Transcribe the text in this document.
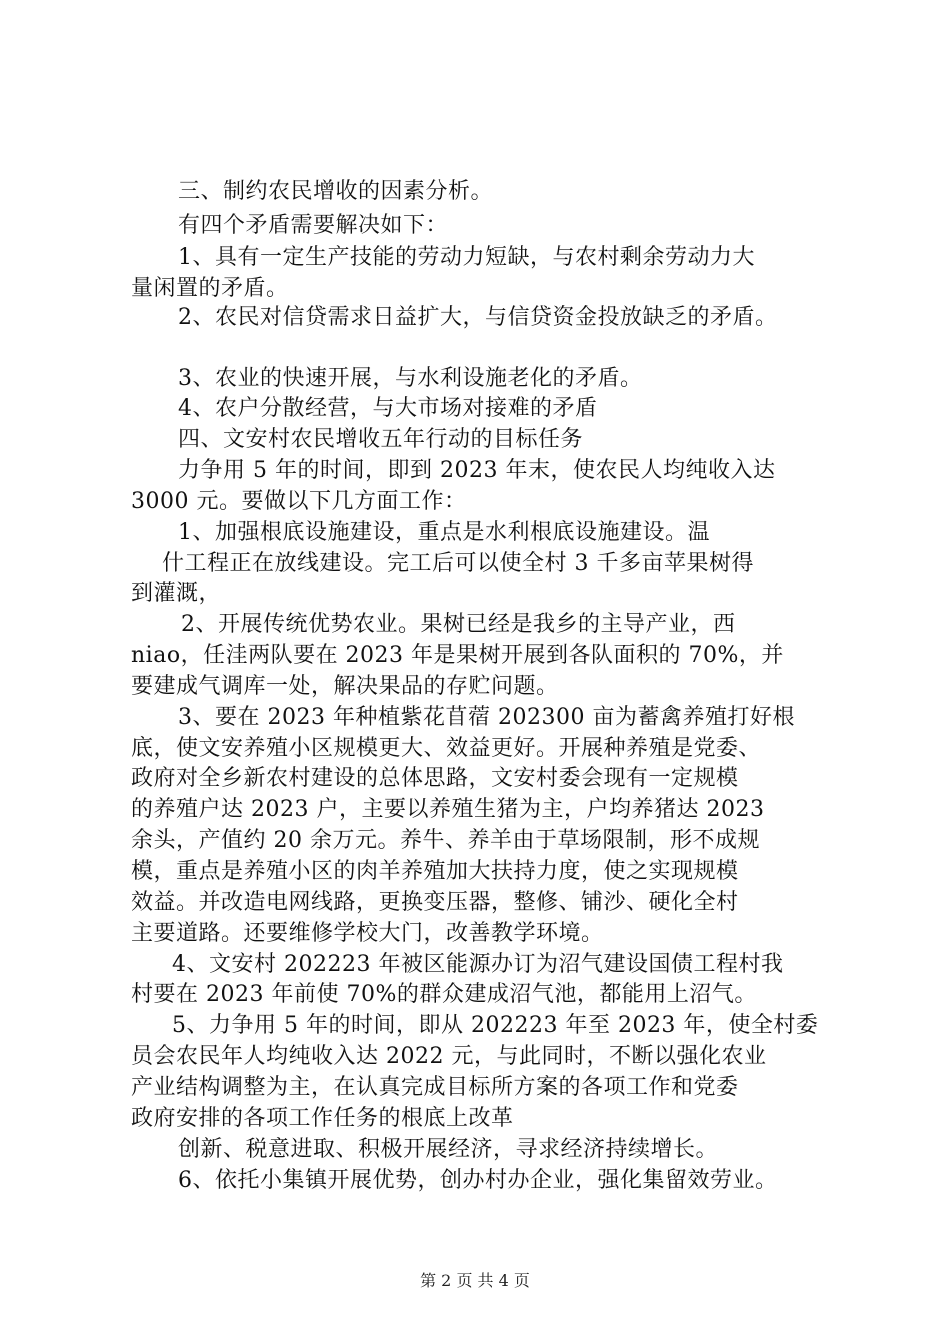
三、制约农民增收的因素分析。
有四个矛盾需要解决如下：
1、具有一定生产技能的劳动力短缺，与农村剩余劳动力大
量闲置的矛盾。
2、农民对信贷需求日益扩大，与信贷资金投放缺乏的矛盾。
3、农业的快速开展，与水利设施老化的矛盾。
4、农户分散经营，与大市场对接难的矛盾
四、文安村农民增收五年行动的目标任务
力争用 5 年的时间，即到 2023 年末，使农民人均纯收入达
3000 元。要做以下几方面工作：
1、加强根底设施建设，重点是水利根底设施建设。温
什工程正在放线建设。完工后可以使全村 3 千多亩苹果树得
到灌溉，
2、开展传统优势农业。果树已经是我乡的主导产业，西
niao，任洼两队要在 2023 年是果树开展到各队面积的 70%，并
要建成气调库一处，解决果品的存贮问题。
3、要在 2023 年种植紫花苜蓿 202300 亩为蓄禽养殖打好根
底，使文安养殖小区规模更大、效益更好。开展种养殖是党委、
政府对全乡新农村建设的总体思路，文安村委会现有一定规模
的养殖户达 2023 户，主要以养殖生猪为主，户均养猪达 2023
余头，产值约 20 余万元。养牛、养羊由于草场限制，形不成规
模，重点是养殖小区的肉羊养殖加大扶持力度，使之实现规模
效益。并改造电网线路，更换变压器，整修、铺沙、硬化全村
主要道路。还要维修学校大门，改善教学环境。
4、文安村 202223 年被区能源办订为沼气建设国债工程村我
村要在 2023 年前使 70%的群众建成沼气池，都能用上沼气。
5、力争用 5 年的时间，即从 202223 年至 2023 年，使全村委
员会农民年人均纯收入达 2022 元，与此同时，不断以强化农业
产业结构调整为主，在认真完成目标所方案的各项工作和党委
政府安排的各项工作任务的根底上改革
创新、税意进取、积极开展经济，寻求经济持续增长。
6、依托小集镇开展优势，创办村办企业，强化集留效劳业。
第 2 页 共 4 页
